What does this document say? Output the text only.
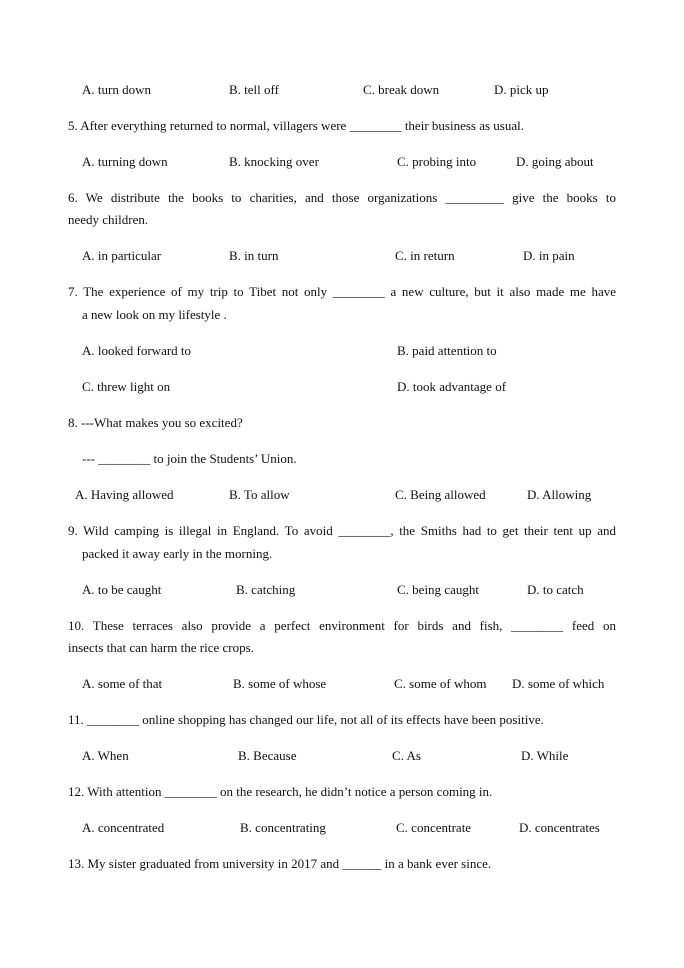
A. turn down	B. tell off	C. break down	D. pick up
5. After everything returned to normal, villagers were ________ their business as usual.
A. turning down	B. knocking over	C. probing into	D. going about
6. We distribute the books to charities, and those organizations _________ give the books to
needy children.
A. in particular	B. in turn	C. in return	D. in pain
7. The experience of my trip to Tibet not only ________ a new culture, but it also made me have
a new look on my lifestyle .
A. looked forward to	B. paid attention to
C. threw light on	D. took advantage of
8. ---What makes you so excited?
--- ________ to join the Students’ Union.
A. Having allowed	B. To allow	C. Being allowed	D. Allowing
9. Wild camping is illegal in England. To avoid ________, the Smiths had to get their tent up and
packed it away early in the morning.
A. to be caught	B. catching	C. being caught	D. to catch
10. These terraces also provide a perfect environment for birds and fish, ________ feed on
insects that can harm the rice crops.
A. some of that	B. some of whose	C. some of whom D. some of which
11. ________ online shopping has changed our life, not all of its effects have been positive.
A. When	B. Because	C. As	D. While
12. With attention ________ on the research, he didn’t notice a person coming in.
A. concentrated	B. concentrating	C. concentrate	D. concentrates
13. My sister graduated from university in 2017 and ______ in a bank ever since.
